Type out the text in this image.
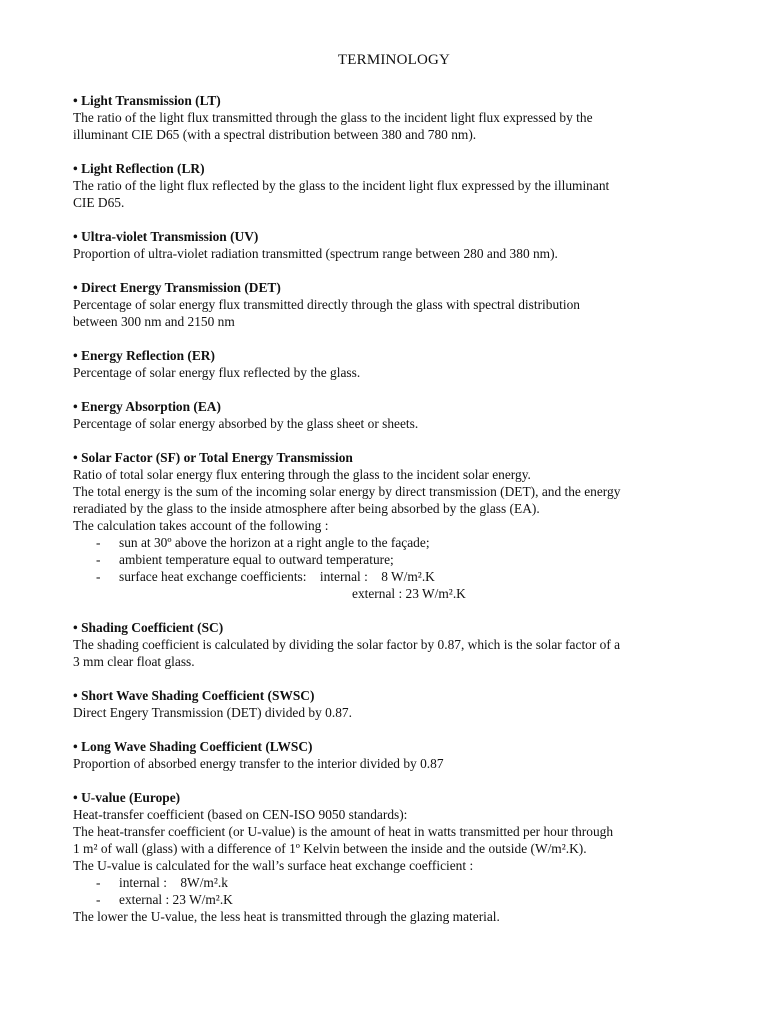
TERMINOLOGY
• Light Transmission (LT)

The ratio of the light flux transmitted through the glass to the incident light flux expressed by the

illuminant CIE D65 (with a spectral distribution between 380 and 780 nm).

• Light Reflection (LR)

The ratio of the light flux reflected by the glass to the incident light flux expressed by the illuminant

CIE D65.

• Ultra-violet Transmission (UV)

Proportion of ultra-violet radiation transmitted (spectrum range between 280 and 380 nm).

• Direct Energy Transmission (DET)

Percentage of solar energy flux transmitted directly through the glass with spectral distribution

between 300 nm and 2150 nm

• Energy Reflection (ER)

Percentage of solar energy flux reflected by the glass.

• Energy Absorption (EA)

Percentage of solar energy absorbed by the glass sheet or sheets.

• Solar Factor (SF) or Total Energy Transmission

Ratio of total solar energy flux entering through the glass to the incident solar energy.

The total energy is the sum of the incoming solar energy by direct transmission (DET), and the energy

reradiated by the glass to the inside atmosphere after being absorbed by the glass (EA).

The calculation takes account of the following :

- sun at 30º above the horizon at a right angle to the façade;
- ambient temperature equal to outward temperature;
- surface heat exchange coefficients:    internal :    8 W/m².K

external : 23 W/m².K

• Shading Coefficient (SC)

The shading coefficient is calculated by dividing the solar factor by 0.87, which is the solar factor of a

3 mm clear float glass.

• Short Wave Shading Coefficient (SWSC)

Direct Engery Transmission (DET) divided by 0.87.

• Long Wave Shading Coefficient (LWSC)

Proportion of absorbed energy transfer to the interior divided by 0.87

• U-value (Europe)

Heat-transfer coefficient (based on CEN-ISO 9050 standards):

The heat-transfer coefficient (or U-value) is the amount of heat in watts transmitted per hour through

1 m² of wall (glass) with a difference of 1º Kelvin between the inside and the outside (W/m².K).

The U-value is calculated for the wall’s surface heat exchange coefficient :

- internal :    8W/m².k
- external : 23 W/m².K

The lower the U-value, the less heat is transmitted through the glazing material.
